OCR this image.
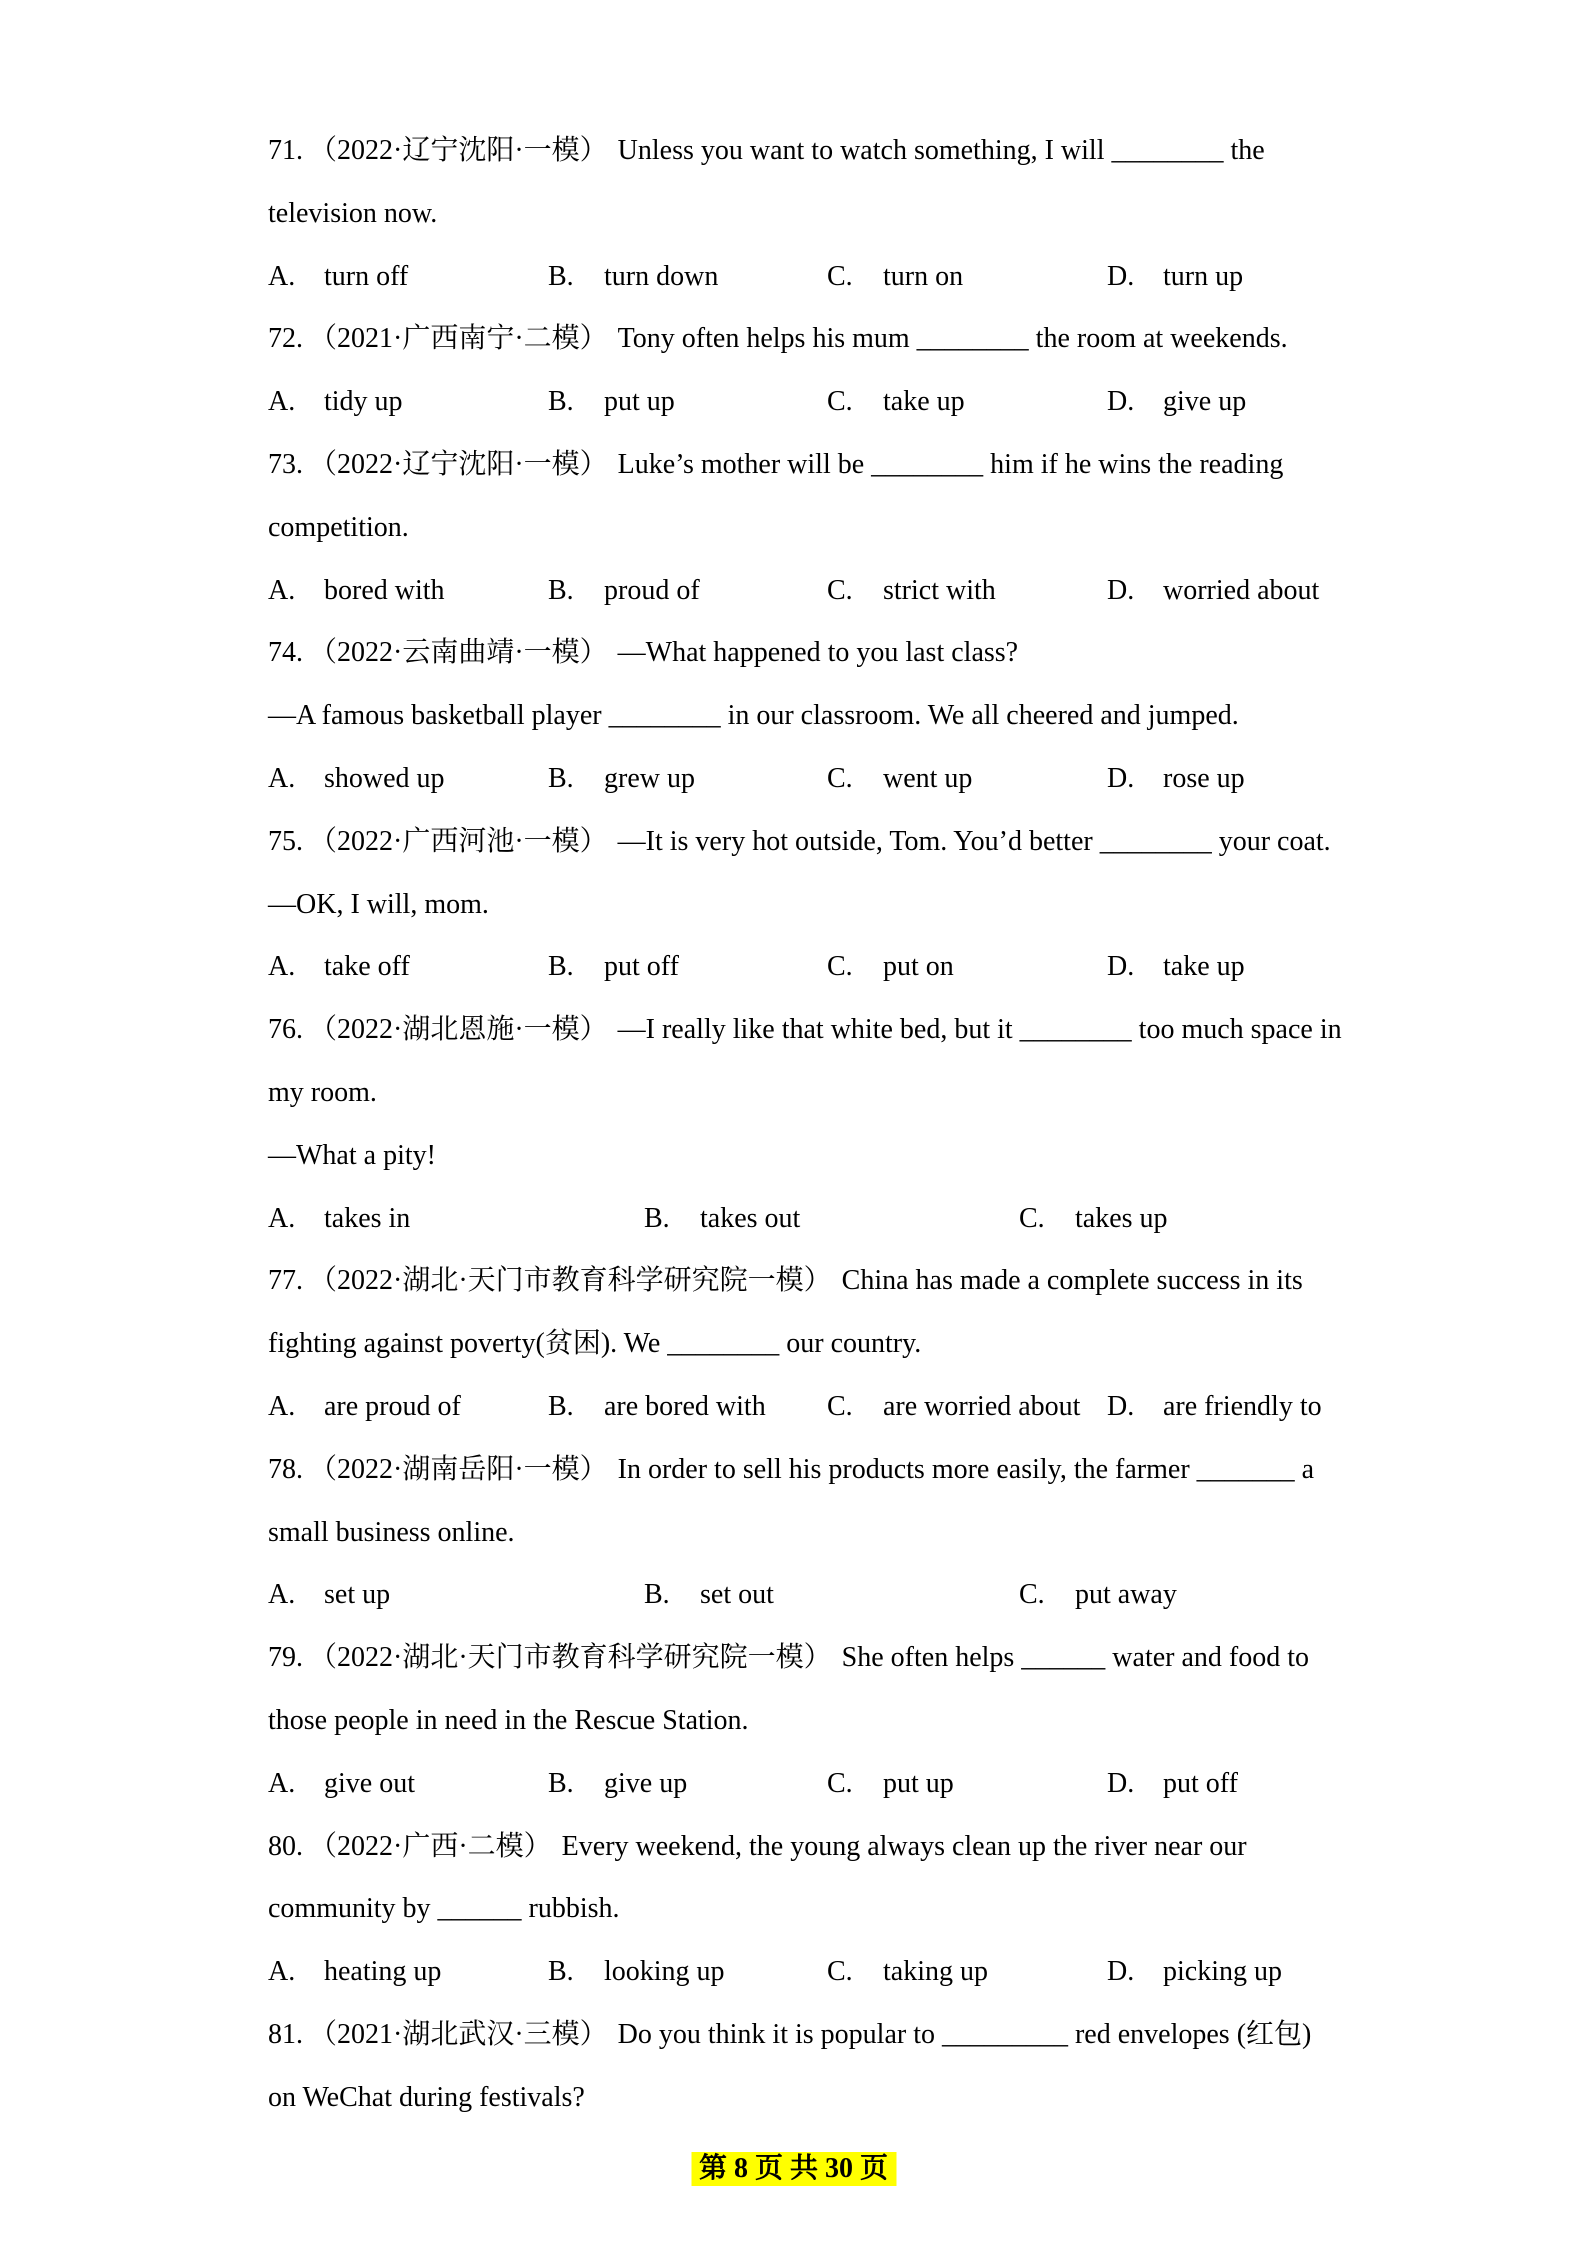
71. （2022·辽宁沈阳·一模） Unless you want to watch something, I will ________ the
television now.
A. turn off	B. turn down	C. turn on	D. turn up
72. （2021·广西南宁·二模） Tony often helps his mum ________ the room at weekends.
A. tidy up	B. put up	C. take up	D. give up
73. （2022·辽宁沈阳·一模） Luke’s mother will be ________ him if he wins the reading
competition.
A. bored with	B. proud of	C. strict with	D. worried about
74. （2022·云南曲靖·一模） —What happened to you last class?
—A famous basketball player ________ in our classroom. We all cheered and jumped.
A. showed up	B. grew up	C. went up	D. rose up
75. （2022·广西河池·一模） —It is very hot outside, Tom. You’d better ________ your coat.
—OK, I will, mom.
A. take off	B. put off	C. put on	D. take up
76. （2022·湖北恩施·一模） —I really like that white bed, but it ________ too much space in
my room.
—What a pity!
A. takes in	B. takes out	C. takes up
77. （2022·湖北·天门市教育科学研究院一模） China has made a complete success in its
fighting against poverty(贫困). We ________ our country.
A. are proud of	B. are bored with	C. are worried about D. are friendly to
78. （2022·湖南岳阳·一模） In order to sell his products more easily, the farmer _______ a
small business online.
A. set up	B. set out	C. put away
79. （2022·湖北·天门市教育科学研究院一模） She often helps ______ water and food to
those people in need in the Rescue Station.
A. give out	B. give up	C. put up	D. put off
80. （2022·广西·二模） Every weekend, the young always clean up the river near our
community by ______ rubbish.
A. heating up	B. looking up	C. taking up	D. picking up
81. （2021·湖北武汉·三模） Do you think it is popular to _________ red envelopes (红包)
on WeChat during festivals?
第 8 页 共 30 页
